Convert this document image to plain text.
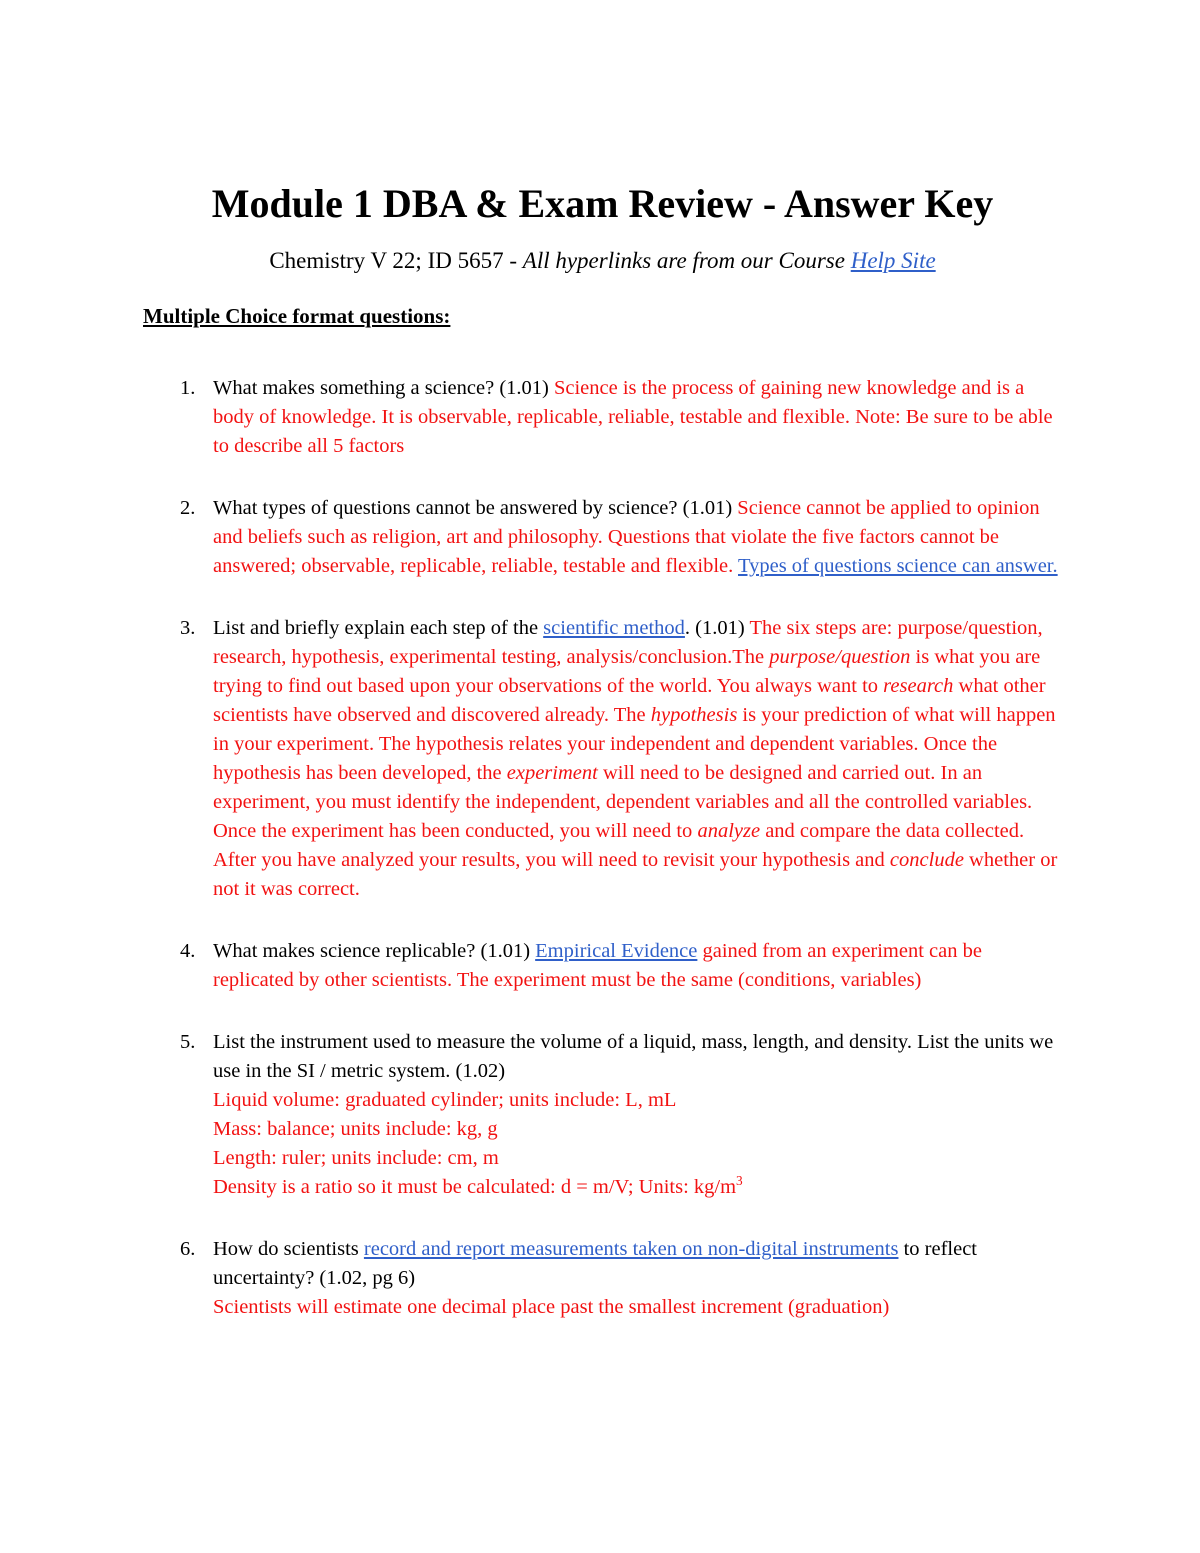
Module 1 DBA & Exam Review - Answer Key

Chemistry V 22; ID 5657 - All hyperlinks are from our Course Help Site

Multiple Choice format questions:
1. What makes something a science? (1.01) Science is the process of gaining new knowledge and is a body of knowledge. It is observable, replicable, reliable, testable and flexible. Note: Be sure to be able to describe all 5 factors
2. What types of questions cannot be answered by science? (1.01) Science cannot be applied to opinion and beliefs such as religion, art and philosophy. Questions that violate the five factors cannot be answered; observable, replicable, reliable, testable and flexible. Types of questions science can answer.
3. List and briefly explain each step of the scientific method. (1.01) The six steps are: purpose/question, research, hypothesis, experimental testing, analysis/conclusion.The purpose/question is what you are trying to find out based upon your observations of the world. You always want to research what other scientists have observed and discovered already. The hypothesis is your prediction of what will happen in your experiment. The hypothesis relates your independent and dependent variables. Once the hypothesis has been developed, the experiment will need to be designed and carried out. In an experiment, you must identify the independent, dependent variables and all the controlled variables. Once the experiment has been conducted, you will need to analyze and compare the data collected. After you have analyzed your results, you will need to revisit your hypothesis and conclude whether or not it was correct.
4. What makes science replicable? (1.01) Empirical Evidence gained from an experiment can be replicated by other scientists. The experiment must be the same (conditions, variables)
5. List the instrument used to measure the volume of a liquid, mass, length, and density. List the units we use in the SI / metric system. (1.02)
Liquid volume: graduated cylinder; units include: L, mL
Mass: balance; units include: kg, g
Length: ruler; units include: cm, m
Density is a ratio so it must be calculated: d = m/V; Units: $kg/m^3$
6. How do scientists record and report measurements taken on non-digital instruments to reflect uncertainty? (1.02, pg 6)
Scientists will estimate one decimal place past the smallest increment (graduation)
